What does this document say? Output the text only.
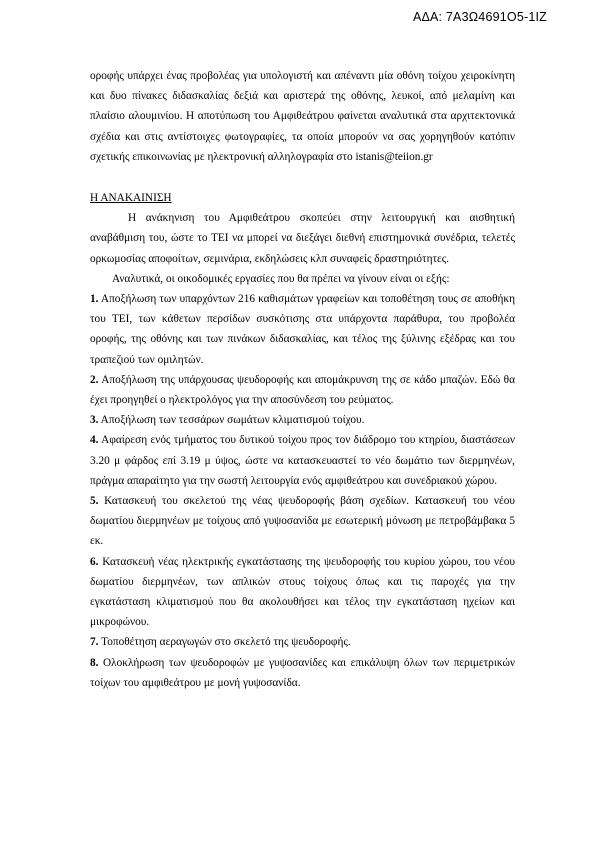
ΑΔΑ: 7Α3Ω4691Ο5-1ΙΖ

οροφής υπάρχει ένας προβολέας για υπολογιστή και απέναντι μία οθόνη τοίχου χειροκίνητη και δυο πίνακες διδασκαλίας δεξιά και αριστερά της οθόνης, λευκοί, από μελαμίνη και πλαίσιο αλουμινίου. Η αποτύπωση του Αμφιθεάτρου φαίνεται αναλυτικά στα αρχιτεκτονικά σχέδια και στις αντίστοιχες φωτογραφίες, τα οποία μπορούν να σας χορηγηθούν κατόπιν σχετικής επικοινωνίας με ηλεκτρονική αλληλογραφία στο istanis@teiion.gr

Η ΑΝΑΚΑΙΝΙΣΗ

Η ανάκηνιση του Αμφιθεάτρου σκοπεύει στην λειτουργική και αισθητική αναβάθμιση του, ώστε το ΤΕΙ να μπορεί να διεξάγει διεθνή επιστημονικά συνέδρια, τελετές ορκωμοσίας αποφοίτων, σεμινάρια, εκδηλώσεις κλπ συναφείς δραστηριότητες.

Αναλυτικά, οι οικοδομικές εργασίες που θα πρέπει να γίνουν είναι οι εξής:

1. Αποξήλωση των υπαρχόντων 216 καθισμάτων γραφείων και τοποθέτηση τους σε αποθήκη του ΤΕΙ, των κάθετων περσίδων συσκότισης στα υπάρχοντα παράθυρα, του προβολέα οροφής, της οθόνης και των πινάκων διδασκαλίας, και τέλος της ξύλινης εξέδρας και του τραπεζιού των ομιλητών.

2. Αποξήλωση της υπάρχουσας ψευδοροφής και απομάκρυνση της σε κάδο μπαζών. Εδώ θα έχει προηγηθεί ο ηλεκτρολόγος για την αποσύνδεση του ρεύματος.

3. Αποξήλωση των τεσσάρων σωμάτων κλιματισμού τοίχου.

4. Αφαίρεση ενός τμήματος του δυτικού τοίχου προς τον διάδρομο του κτηρίου, διαστάσεων 3.20 μ φάρδος επί 3.19 μ ύψος, ώστε να κατασκευαστεί το νέο δωμάτιο των διερμηνέων, πράγμα απαραίτητο για την σωστή λειτουργία ενός αμφιθεάτρου και συνεδριακού χώρου.

5. Κατασκευή του σκελετού της νέας ψευδοροφής βάση σχεδίων. Κατασκευή του νέου δωματίου διερμηνέων με τοίχους από γυψοσανίδα με εσωτερική μόνωση με πετροβάμβακα 5 εκ.

6. Κατασκευή νέας ηλεκτρικής εγκατάστασης της ψευδοροφής του κυρίου χώρου, του νέου δωματίου διερμηνέων, των απλικών στους τοίχους όπως και τις παροχές για την εγκατάσταση κλιματισμού που θα ακολουθήσει και τέλος την εγκατάσταση ηχείων και μικροφώνου.

7. Τοποθέτηση αεραγωγών στο σκελετό της ψευδοροφής.

8. Ολοκλήρωση των ψευδοροφών με γυψοσανίδες και επικάλυψη όλων των περιμετρικών τοίχων του αμφιθεάτρου με μονή γυψοσανίδα.
